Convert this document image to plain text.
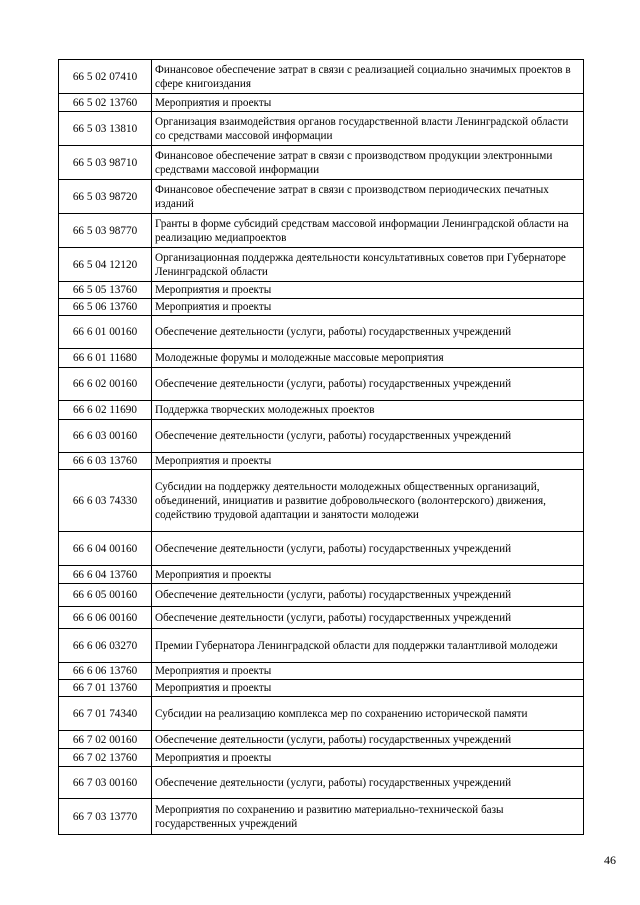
66 5 02 07410	Финансовое обеспечение затрат в связи с реализацией социально значимых проектов в сфере книгоиздания
66 5 02 13760	Мероприятия и проекты
66 5 03 13810	Организация взаимодействия органов государственной власти Ленинградской области со средствами массовой информации
66 5 03 98710	Финансовое обеспечение затрат в связи с производством продукции электронными средствами массовой информации
66 5 03 98720	Финансовое обеспечение затрат в связи с производством периодических печатных изданий
66 5 03 98770	Гранты в форме субсидий средствам массовой информации Ленинградской области на реализацию медиапроектов
66 5 04 12120	Организационная поддержка деятельности консультативных советов при Губернаторе Ленинградской области
66 5 05 13760	Мероприятия и проекты
66 5 06 13760	Мероприятия и проекты
66 6 01 00160	Обеспечение деятельности (услуги, работы) государственных учреждений
66 6 01 11680	Молодежные форумы и молодежные массовые мероприятия
66 6 02 00160	Обеспечение деятельности (услуги, работы) государственных учреждений
66 6 02 11690	Поддержка творческих молодежных проектов
66 6 03 00160	Обеспечение деятельности (услуги, работы) государственных учреждений
66 6 03 13760	Мероприятия и проекты
66 6 03 74330	Субсидии на поддержку деятельности молодежных общественных организаций, объединений, инициатив и развитие добровольческого (волонтерского) движения, содействию трудовой адаптации и занятости молодежи
66 6 04 00160	Обеспечение деятельности (услуги, работы) государственных учреждений
66 6 04 13760	Мероприятия и проекты
66 6 05 00160	Обеспечение деятельности (услуги, работы) государственных учреждений
66 6 06 00160	Обеспечение деятельности (услуги, работы) государственных учреждений
66 6 06 03270	Премии Губернатора Ленинградской области для поддержки талантливой молодежи
66 6 06 13760	Мероприятия и проекты
66 7 01 13760	Мероприятия и проекты
66 7 01 74340	Субсидии на реализацию комплекса мер по сохранению исторической памяти
66 7 02 00160	Обеспечение деятельности (услуги, работы) государственных учреждений
66 7 02 13760	Мероприятия и проекты
66 7 03 00160	Обеспечение деятельности (услуги, работы) государственных учреждений
66 7 03 13770	Мероприятия по сохранению и развитию материально-технической базы государственных учреждений
46
